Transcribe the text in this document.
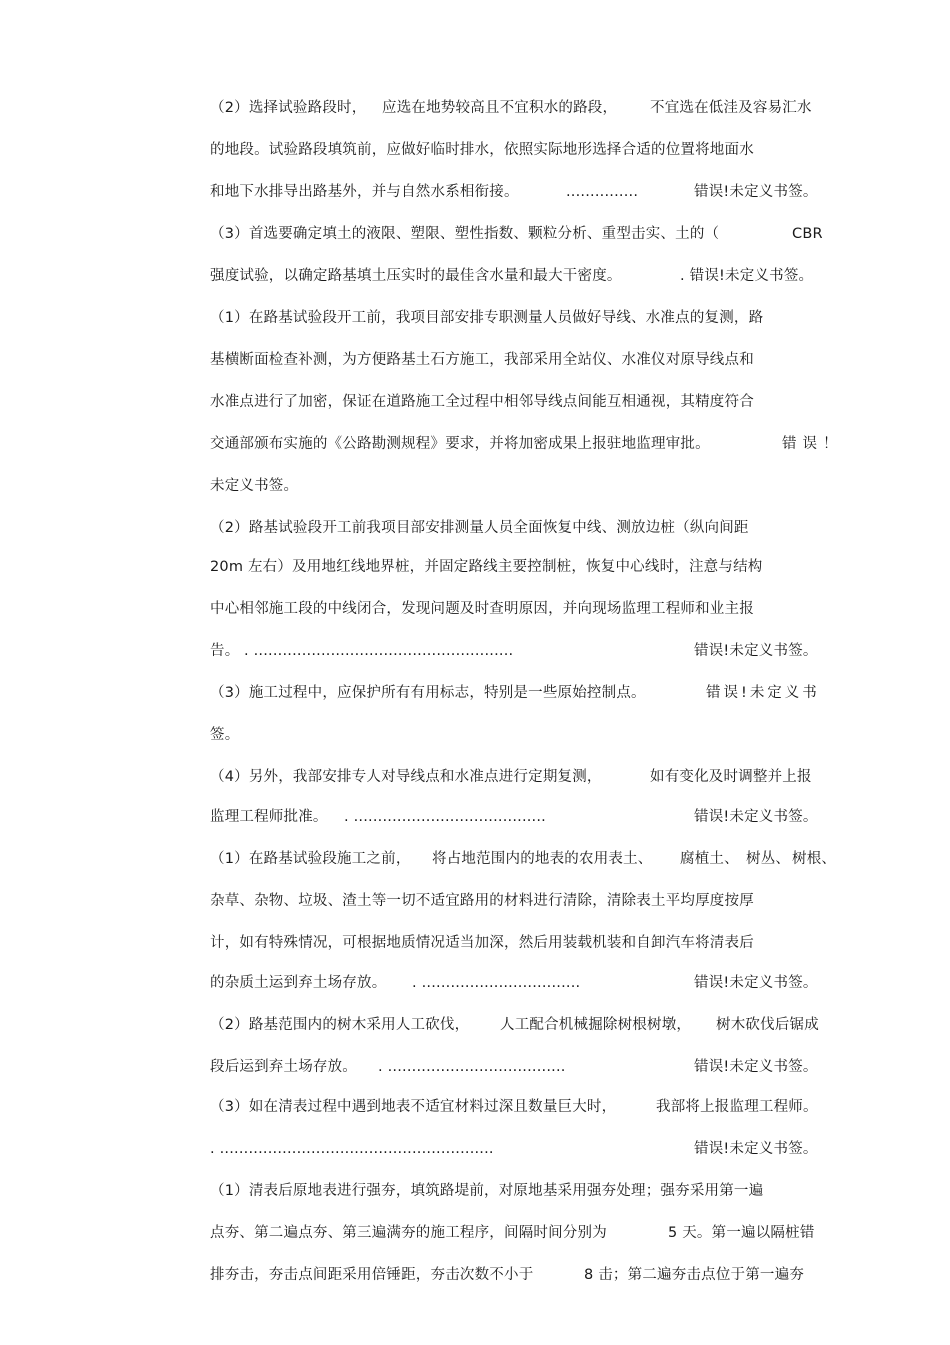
（2）选择试验路段时， 应选在地势较高且不宜积水的路段， 不宜选在低洼及容易汇水
的地段。试验路段填筑前，应做好临时排水，依照实际地形选择合适的位置将地面水
和地下水排导出路基外，并与自然水系相衔接。	...............	错误!未定义书签。
（3）首选要确定填土的液限、塑限、塑性指数、颗粒分析、重型击实、土的（	CBR
强度试验，以确定路基填土压实时的最佳含水量和最大干密度。	. 错误!未定义书签。
（1）在路基试验段开工前，我项目部安排专职测量人员做好导线、水准点的复测，路
基横断面检查补测，为方便路基土石方施工，我部采用全站仪、水准仪对原导线点和
水准点进行了加密，保证在道路施工全过程中相邻导线点间能互相通视，其精度符合
交通部颁布实施的《公路勘测规程》要求，并将加密成果上报驻地监理审批。	错误！
未定义书签。
（2）路基试验段开工前我项目部安排测量人员全面恢复中线、测放边桩（纵向间距
20m 左右）及用地红线地界桩，并固定路线主要控制桩，恢复中心线时，注意与结构
中心相邻施工段的中线闭合，发现问题及时查明原因，并向现场监理工程师和业主报
告。 . ......................................................	错误!未定义书签。
（3）施工过程中，应保护所有有用标志，特别是一些原始控制点。	错误!未定义书
签。
（4）另外，我部安排专人对导线点和水准点进行定期复测，	如有变化及时调整并上报
监理工程师批准。 . ........................................	错误!未定义书签。
（1）在路基试验段施工之前， 将占地范围内的地表的农用表土、 腐植土、 树丛、 树根、
杂草、杂物、垃圾、渣土等一切不适宜路用的材料进行清除，清除表土平均厚度按厚
计，如有特殊情况，可根据地质情况适当加深，然后用装载机装和自卸汽车将清表后
的杂质土运到弃土场存放。 . .................................	错误!未定义书签。
（2）路基范围内的树木采用人工砍伐， 人工配合机械掘除树根树墩， 树木砍伐后锯成
段后运到弃土场存放。 . .....................................	错误!未定义书签。
（3）如在清表过程中遇到地表不适宜材料过深且数量巨大时，	我部将上报监理工程师。
. .........................................................	错误!未定义书签。
（1）清表后原地表进行强夯，填筑路堤前，对原地基采用强夯处理；强夯采用第一遍
点夯、第二遍点夯、第三遍满夯的施工程序，间隔时间分别为	5 天。第一遍以隔桩错
排夯击，夯击点间距采用倍锤距，夯击次数不小于	8 击；第二遍夯击点位于第一遍夯
